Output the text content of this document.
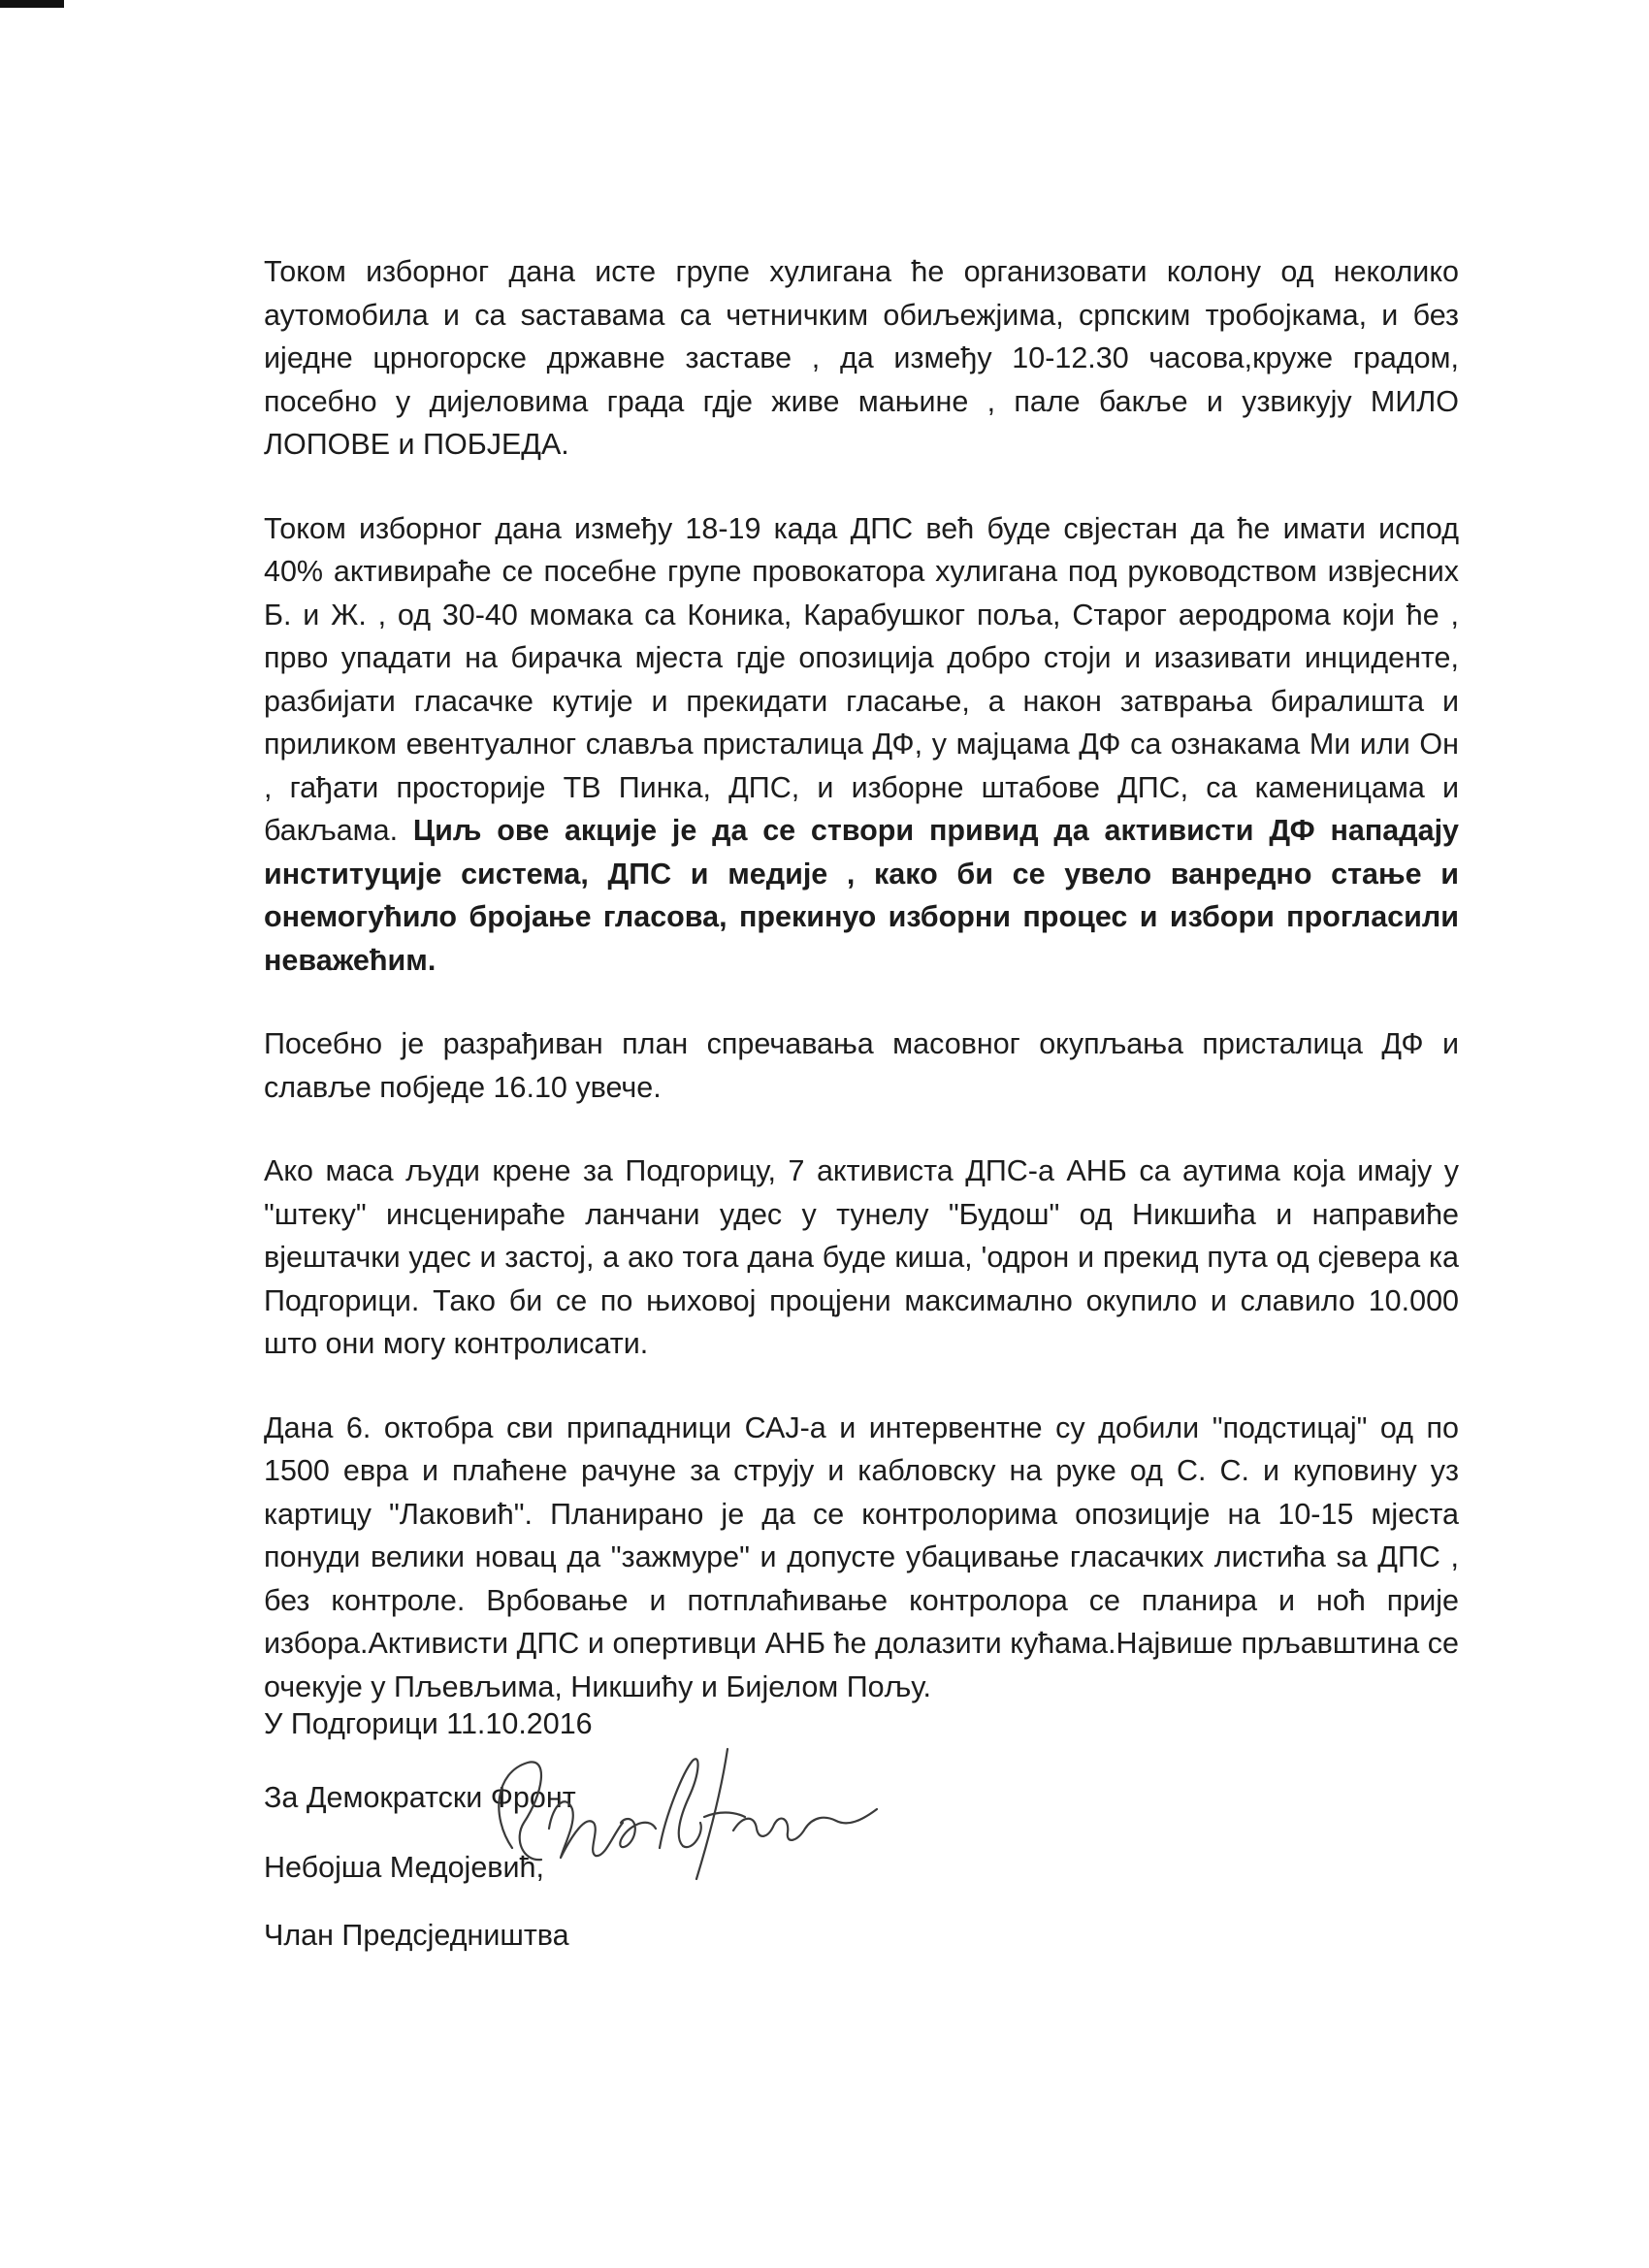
Током изборног дана исте групе хулигана ће организовати колону од неколико аутомобила и са sаставама са четничким обиљежјима, српским тробојкама, и без иједне црногорске државне заставе , да између 10-12.30 часова,круже градом, посебно у дијеловима града гдје живе мањине , пале бакље и узвикују МИЛО ЛОПОВЕ и ПОБЈЕДА.

Током изборног дана између 18-19 када ДПС већ буде свјестан да ће имати испод 40% активираће се посебне групе провокатора хулигана под руководством извјесних Б. и Ж. , од 30-40 момака са Коника, Карабушког поља, Старог аеродрома који ће , прво упадати на бирачка мјеста гдје опозиција добро стоји и изазивати инциденте, разбијати гласачке кутије и прекидати гласање, а након затврања биралишта и приликом евентуалног славља присталица ДФ, у мајцама ДФ са ознакама Ми или Он , гађати просторије ТВ Пинка, ДПС, и изборне штабове ДПС, са каменицама и бакљама. Циљ ове акције је да се створи привид да активисти ДФ нападају институције система, ДПС и медије , како би се увело ванредно стање и онемогућило бројање гласова, прекинуо изборни процес и избори прогласили неважећим.

Посебно је разрађиван план спречавања масовног окупљања присталица ДФ и славље побједе 16.10 увече.

Ако маса људи крене за Подгорицу, 7 активиста ДПС-а АНБ са аутима која имају у "штеку" инсценираће ланчани удес у тунелу "Будош" од Никшића и направиће вјештачки удес и застој, а ако тога дана буде киша, 'одрон и прекид пута од сјевера ка Подгорици. Тако би се по њиховој процјени максимално окупило и славило 10.000 што они могу контролисати.

Дана 6. октобра сви припадници САЈ-а и интервентне су добили "подстицај" од по 1500 евра и плаћене рачуне за струју и кабловску на руке од С. С. и куповину уз картицу "Лаковић". Планирано је да се контролорима опозиције на 10-15 мјеста понуди велики новац да "зажмуре" и допусте убацивање гласачких листића sа ДПС , без контроле. Врбовање и потплаћивање контролора се планира и ноћ прије избора.Активисти ДПС и опертивци АНБ ће долазити кућама.Највише прљавштина се очекује у Пљевљима, Никшићу и Бијелом Пољу.

У Подгорици 11.10.2016
За Демократски Фронт
Небојша Медојевић,
Члан Предсједништва
